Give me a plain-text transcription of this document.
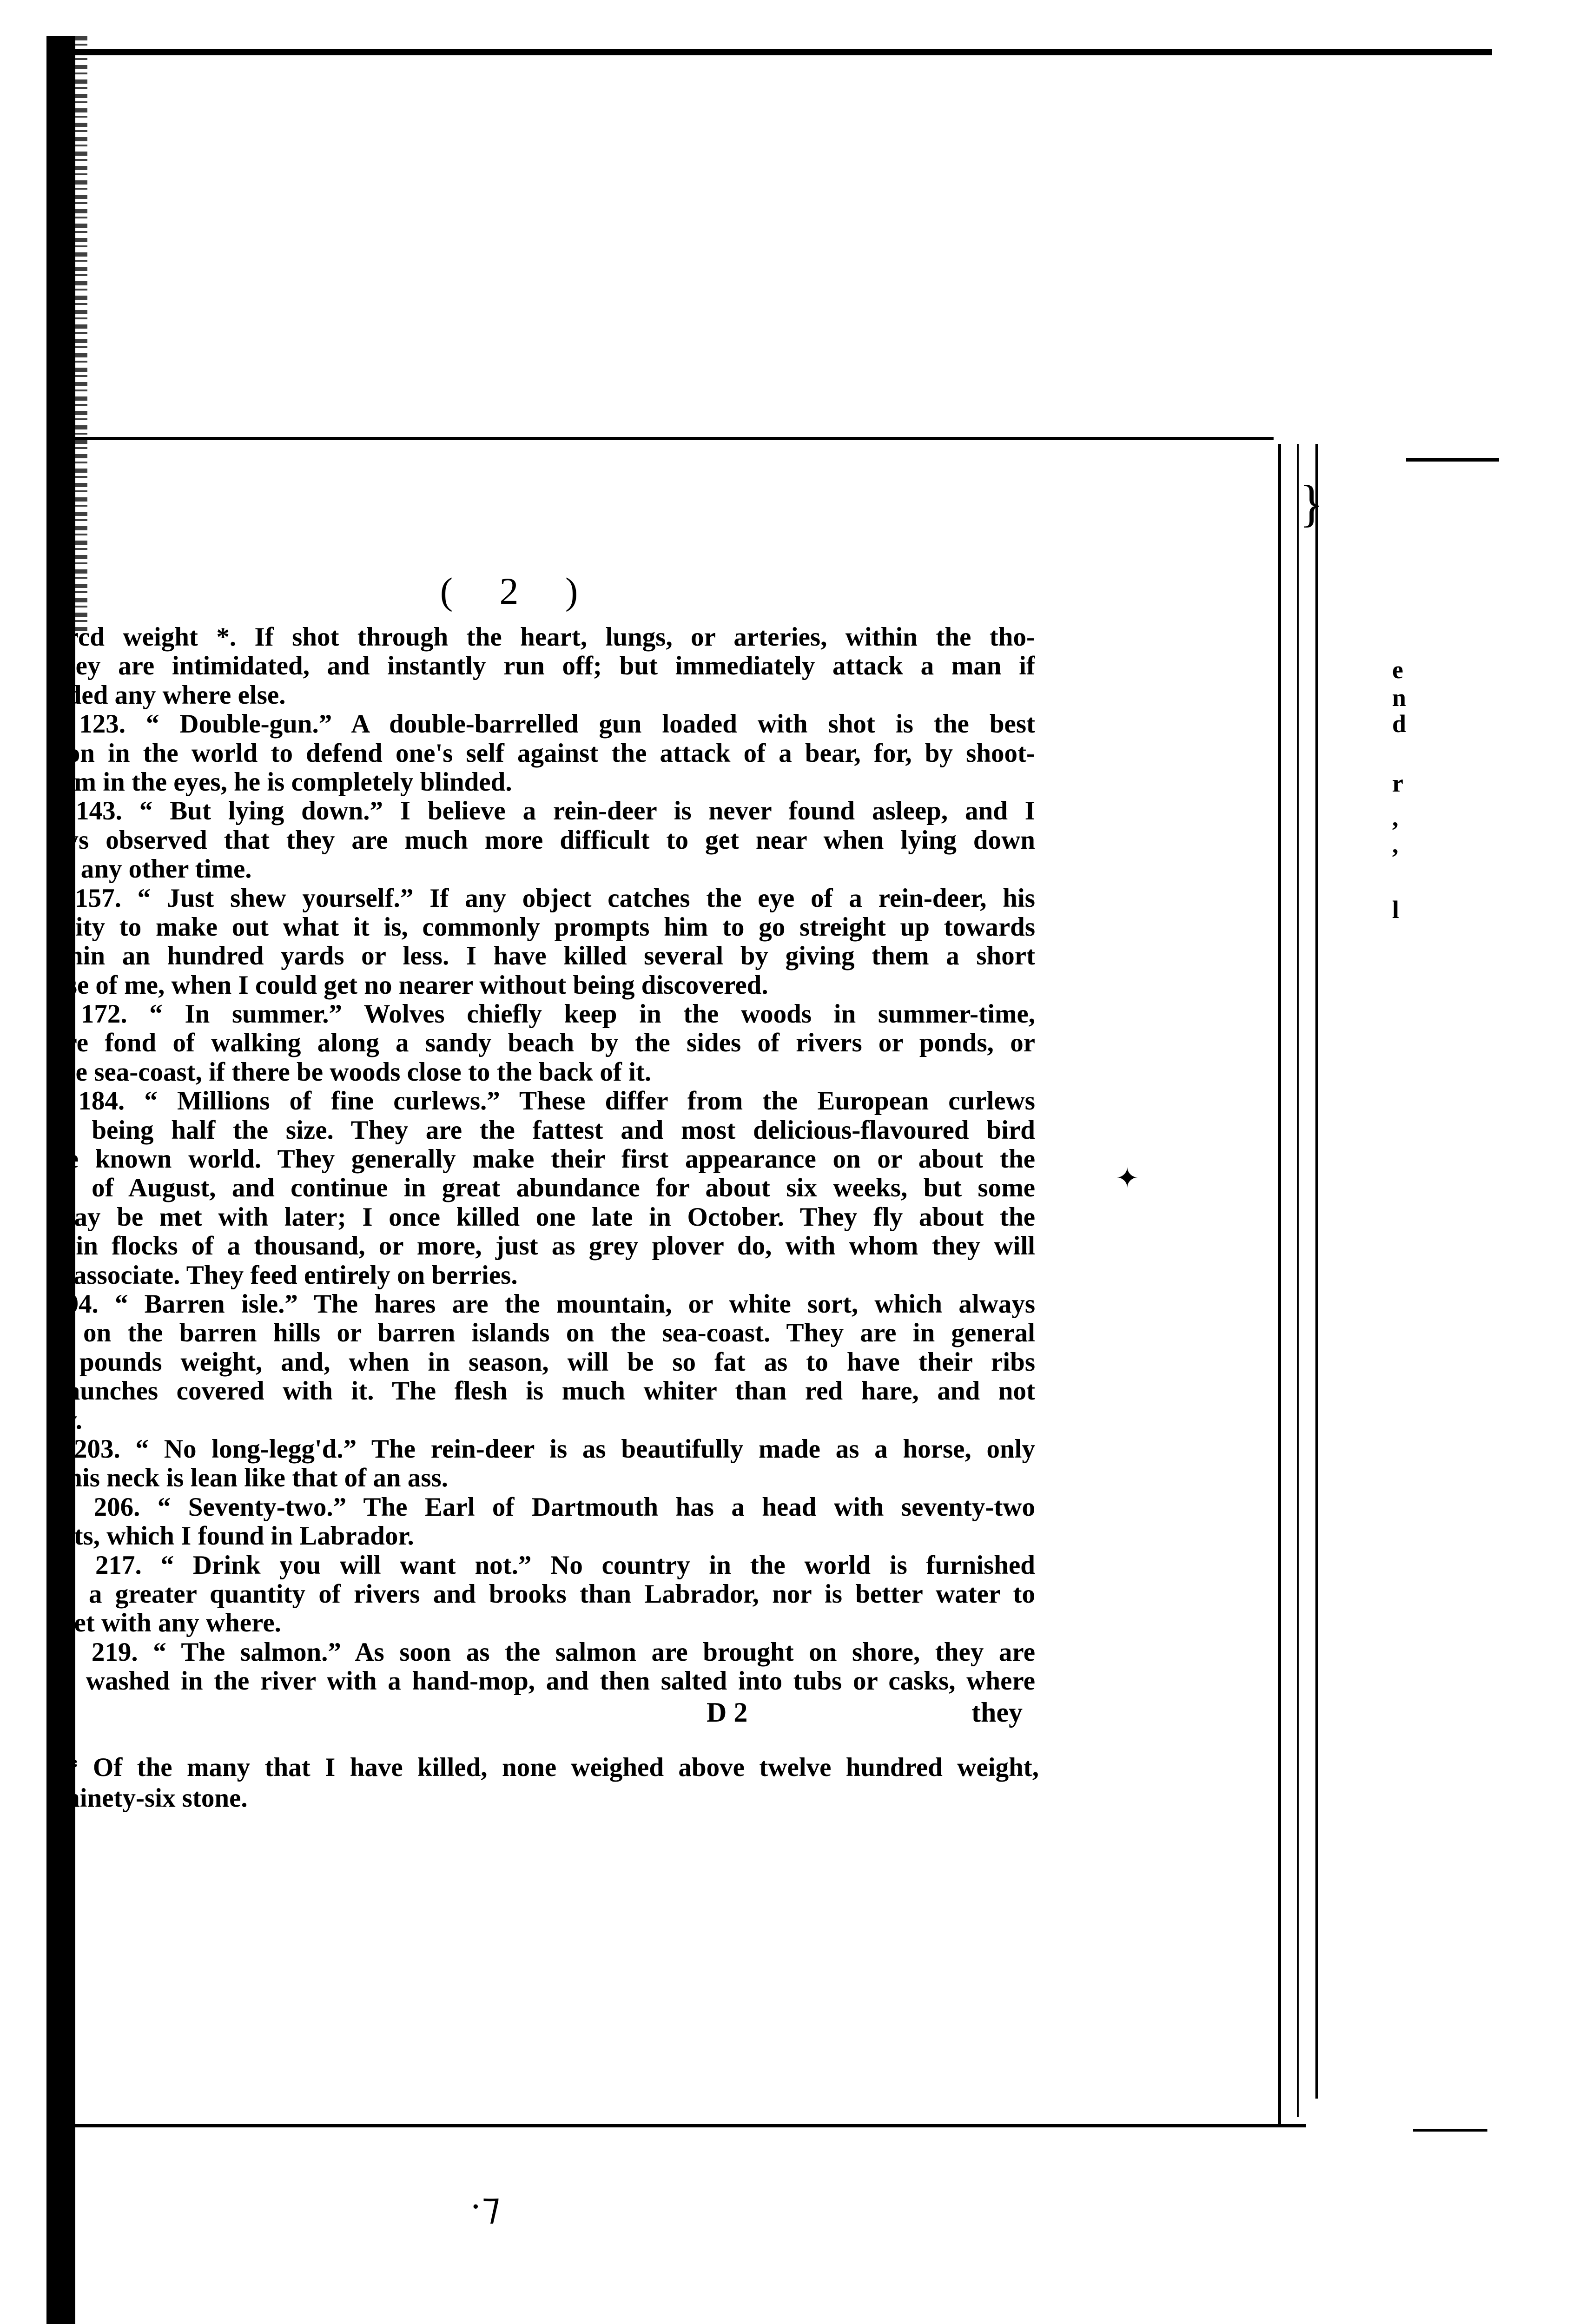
}
( 2 )
drcd weight *. If shot through the heart, lungs, or arteries, within the tho-
they are intimidated, and instantly run off; but immediately attack a man if
nded any where else.
. 123. “ Double-gun.” A double-barrelled gun loaded with shot is the best
pon in the world to defend one's self against the attack of a bear, for, by shoot-
him in the eyes, he is completely blinded.
. 143. “ But lying down.” I believe a rein-deer is never found asleep, and I
ays observed that they are much more difficult to get near when lying down
at any other time.
. 157. “ Just shew yourself.” If any object catches the eye of a rein-deer, his
osity to make out what it is, commonly prompts him to go streight up towards
ithin an hundred yards or less. I have killed several by giving them a short
pse of me, when I could get no nearer without being discovered.
. 172. “ In summer.” Wolves chiefly keep in the woods in summer-time,
are fond of walking along a sandy beach by the sides of rivers or ponds, or
the sea-coast, if there be woods close to the back of it.
. 184. “ Millions of fine curlews.” These differ from the European curlews
ot being half the size. They are the fattest and most delicious-flavoured bird
he known world. They generally make their first appearance on or about the
th of August, and continue in great abundance for about six weeks, but some
may be met with later; I once killed one late in October. They fly about the
s in flocks of a thousand, or more, just as grey plover do, with whom they will
n associate. They feed entirely on berries.
194. “ Barren isle.” The hares are the mountain, or white sort, which always
p on the barren hills or barren islands on the sea-coast. They are in general
t pounds weight, and, when in season, will be so fat as to have their ribs
haunches covered with it. The flesh is much whiter than red hare, and not
ry.
. 203. “ No long-legg'd.” The rein-deer is as beautifully made as a horse, only
t his neck is lean like that of an ass.
L. 206. “ Seventy-two.” The Earl of Dartmouth has a head with seventy-two
ints, which I found in Labrador.
L. 217. “ Drink you will want not.” No country in the world is furnished
th a greater quantity of rivers and brooks than Labrador, nor is better water to
met with any where.
L. 219. “ The salmon.” As soon as the salmon are brought on shore, they are
it, washed in the river with a hand-mop, and then salted into tubs or casks, where
D 2	they
* Of the many that I have killed, none weighed above twelve hundred weight,
ninety-six stone.
e
n
d
r
,
,
l
✦
·⁊
